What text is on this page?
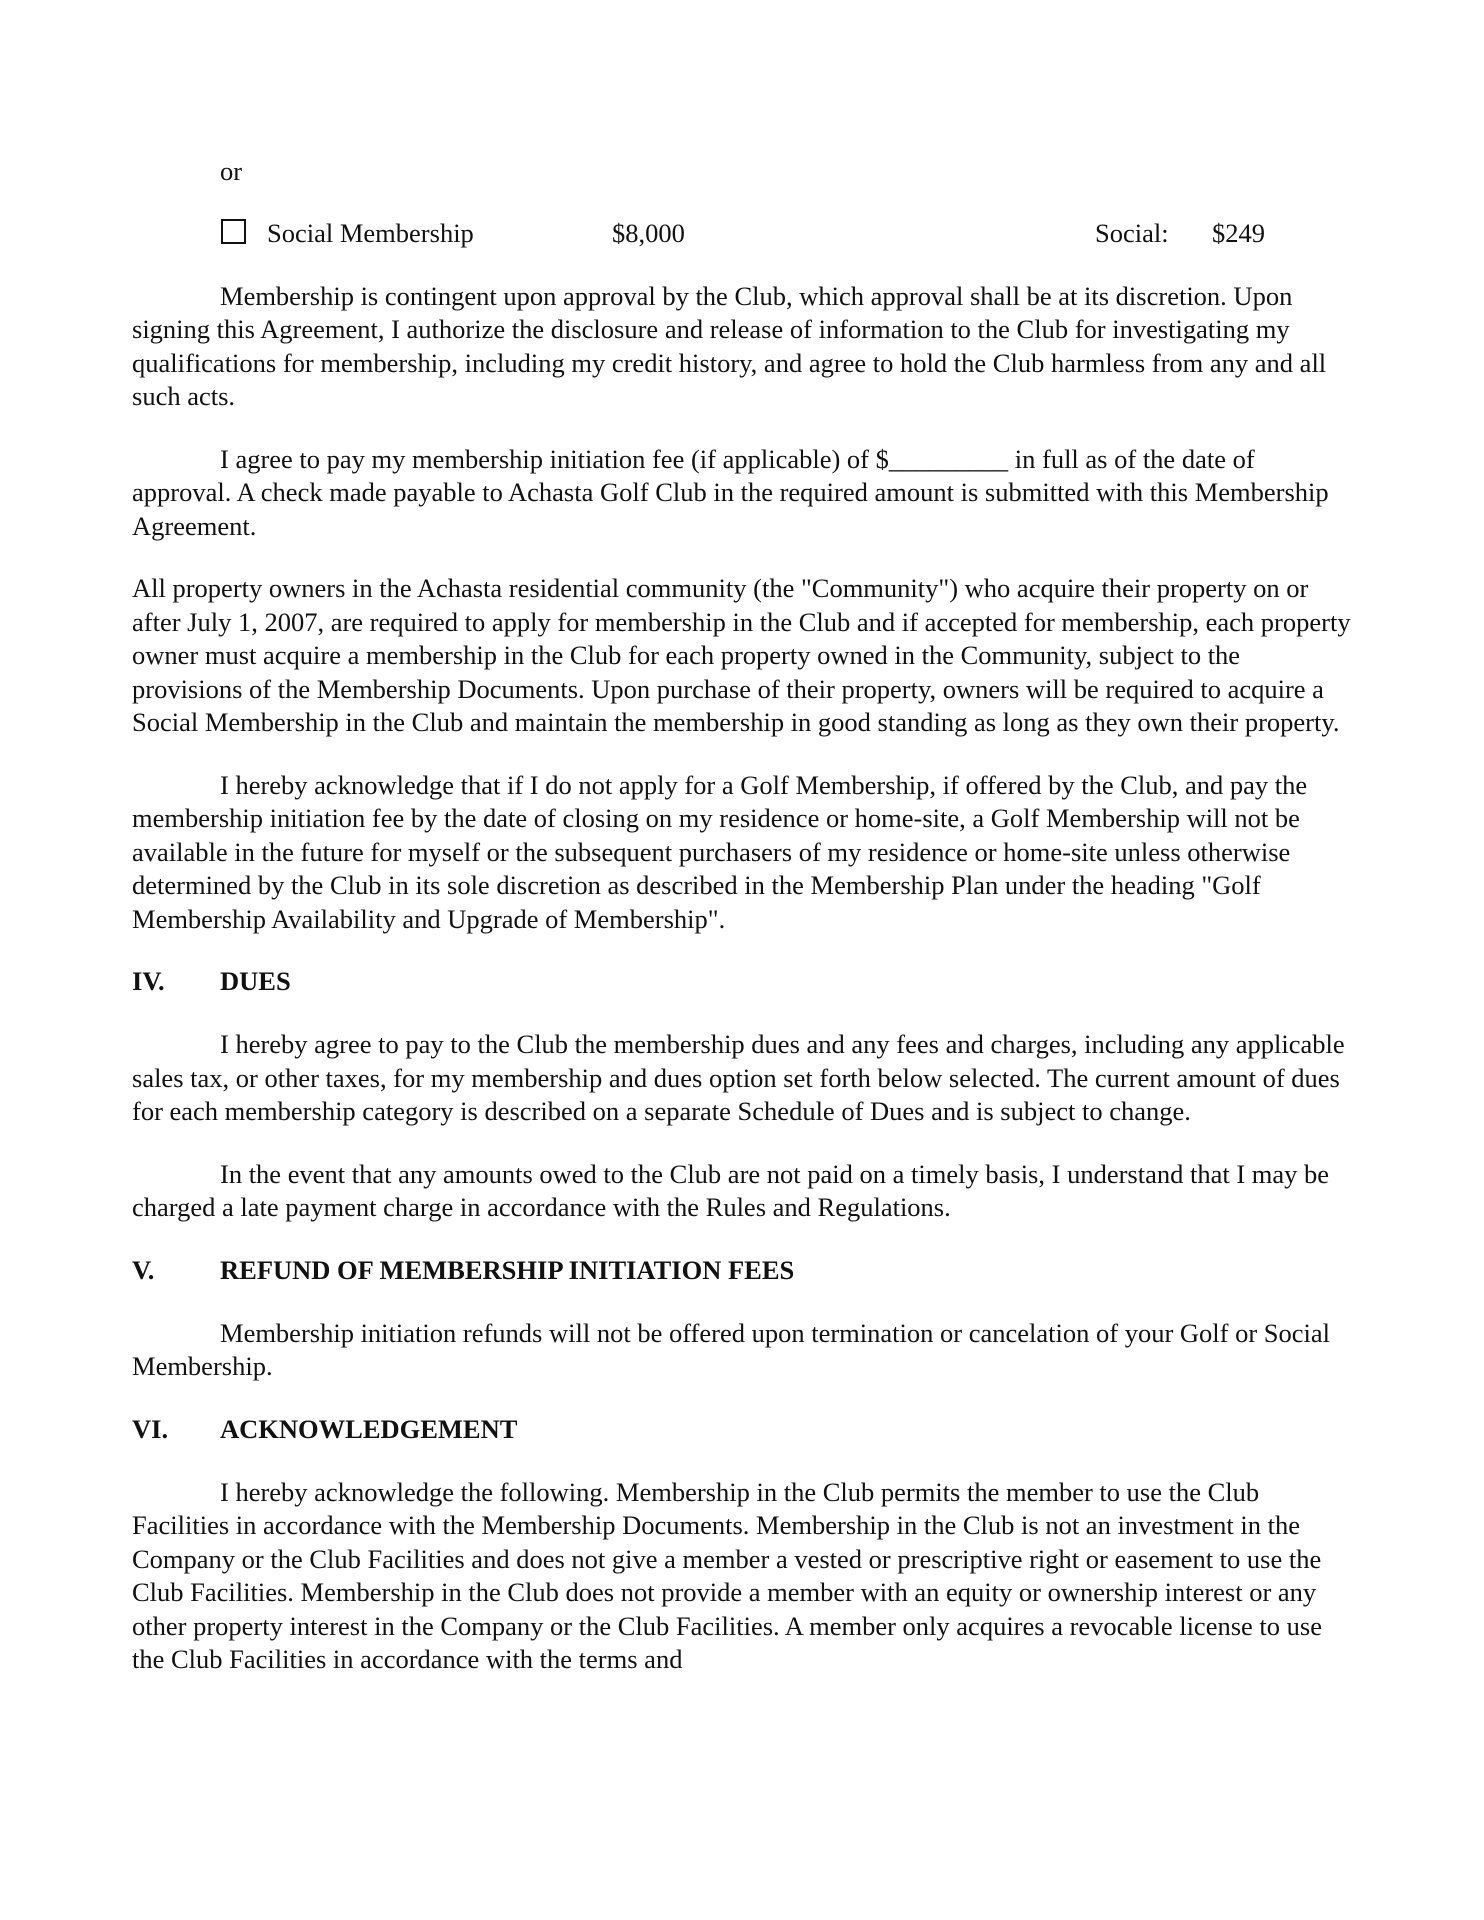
or

Social Membership	$8,000	Social: $249

Membership is contingent upon approval by the Club, which approval shall be at its discretion. Upon signing this Agreement, I authorize the disclosure and release of information to the Club for investigating my qualifications for membership, including my credit history, and agree to hold the Club harmless from any and all such acts.

I agree to pay my membership initiation fee (if applicable) of $_________ in full as of the date of approval. A check made payable to Achasta Golf Club in the required amount is submitted with this Membership Agreement.

All property owners in the Achasta residential community (the "Community") who acquire their property on or after July 1, 2007, are required to apply for membership in the Club and if accepted for membership, each property owner must acquire a membership in the Club for each property owned in the Community, subject to the provisions of the Membership Documents. Upon purchase of their property, owners will be required to acquire a Social Membership in the Club and maintain the membership in good standing as long as they own their property.

I hereby acknowledge that if I do not apply for a Golf Membership, if offered by the Club, and pay the membership initiation fee by the date of closing on my residence or home-site, a Golf Membership will not be available in the future for myself or the subsequent purchasers of my residence or home-site unless otherwise determined by the Club in its sole discretion as described in the Membership Plan under the heading "Golf Membership Availability and Upgrade of Membership".

IV. DUES

I hereby agree to pay to the Club the membership dues and any fees and charges, including any applicable sales tax, or other taxes, for my membership and dues option set forth below selected. The current amount of dues for each membership category is described on a separate Schedule of Dues and is subject to change.

In the event that any amounts owed to the Club are not paid on a timely basis, I understand that I may be charged a late payment charge in accordance with the Rules and Regulations.

V. REFUND OF MEMBERSHIP INITIATION FEES

Membership initiation refunds will not be offered upon termination or cancelation of your Golf or Social Membership.

VI. ACKNOWLEDGEMENT

I hereby acknowledge the following. Membership in the Club permits the member to use the Club Facilities in accordance with the Membership Documents. Membership in the Club is not an investment in the Company or the Club Facilities and does not give a member a vested or prescriptive right or easement to use the Club Facilities. Membership in the Club does not provide a member with an equity or ownership interest or any other property interest in the Company or the Club Facilities. A member only acquires a revocable license to use the Club Facilities in accordance with the terms and
